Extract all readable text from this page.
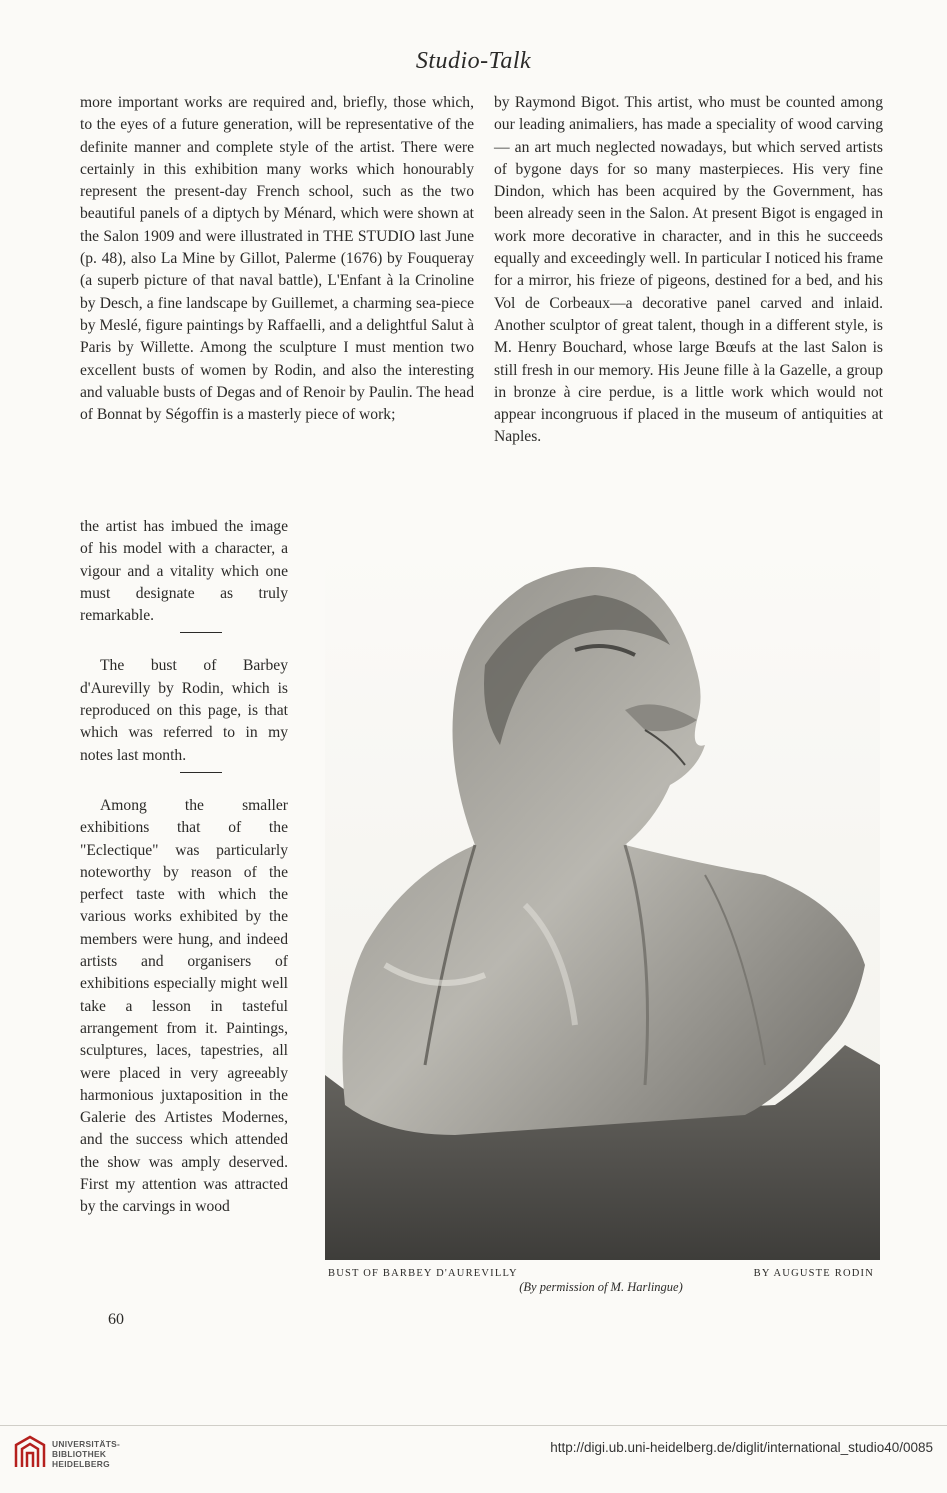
Studio-Talk

more important works are required and, briefly, those which, to the eyes of a future generation, will be representative of the definite manner and complete style of the artist. There were certainly in this exhibition many works which honourably represent the present-day French school, such as the two beautiful panels of a diptych by Ménard, which were shown at the Salon 1909 and were illustrated in THE STUDIO last June (p. 48), also La Mine by Gillot, Palerme (1676) by Fouqueray (a superb picture of that naval battle), L'Enfant à la Crinoline by Desch, a fine landscape by Guillemet, a charming sea-piece by Meslé, figure paintings by Raffaelli, and a delightful Salut à Paris by Willette. Among the sculpture I must mention two excellent busts of women by Rodin, and also the interesting and valuable busts of Degas and of Renoir by Paulin. The head of Bonnat by Ségoffin is a masterly piece of work;

by Raymond Bigot. This artist, who must be counted among our leading animaliers, has made a speciality of wood carving — an art much neglected nowadays, but which served artists of bygone days for so many masterpieces. His very fine Dindon, which has been acquired by the Government, has been already seen in the Salon. At present Bigot is engaged in work more decorative in character, and in this he succeeds equally and exceedingly well. In particular I noticed his frame for a mirror, his frieze of pigeons, destined for a bed, and his Vol de Corbeaux—a decorative panel carved and inlaid. Another sculptor of great talent, though in a different style, is M. Henry Bouchard, whose large Bœufs at the last Salon is still fresh in our memory. His Jeune fille à la Gazelle, a group in bronze à cire perdue, is a little work which would not appear incongruous if placed in the museum of antiquities at Naples.

the artist has imbued the image of his model with a character, a vigour and a vitality which one must designate as truly remarkable.

The bust of Barbey d'Aurevilly by Rodin, which is reproduced on this page, is that which was referred to in my notes last month.

Among the smaller exhibitions that of the "Eclectique" was particularly noteworthy by reason of the perfect taste with which the various works exhibited by the members were hung, and indeed artists and organisers of exhibitions especially might well take a lesson in tasteful arrangement from it. Paintings, sculptures, laces, tapestries, all were placed in very agreeably harmonious juxtaposition in the Galerie des Artistes Modernes, and the success which attended the show was amply deserved. First my attention was attracted by the carvings in wood

60
BUST OF BARBEY D'AUREVILLY	BY AUGUSTE RODIN
(By permission of M. Harlingue)
UNIVERSITÄTS-
BIBLIOTHEK
HEIDELBERG
http://digi.ub.uni-heidelberg.de/diglit/international_studio40/0085
